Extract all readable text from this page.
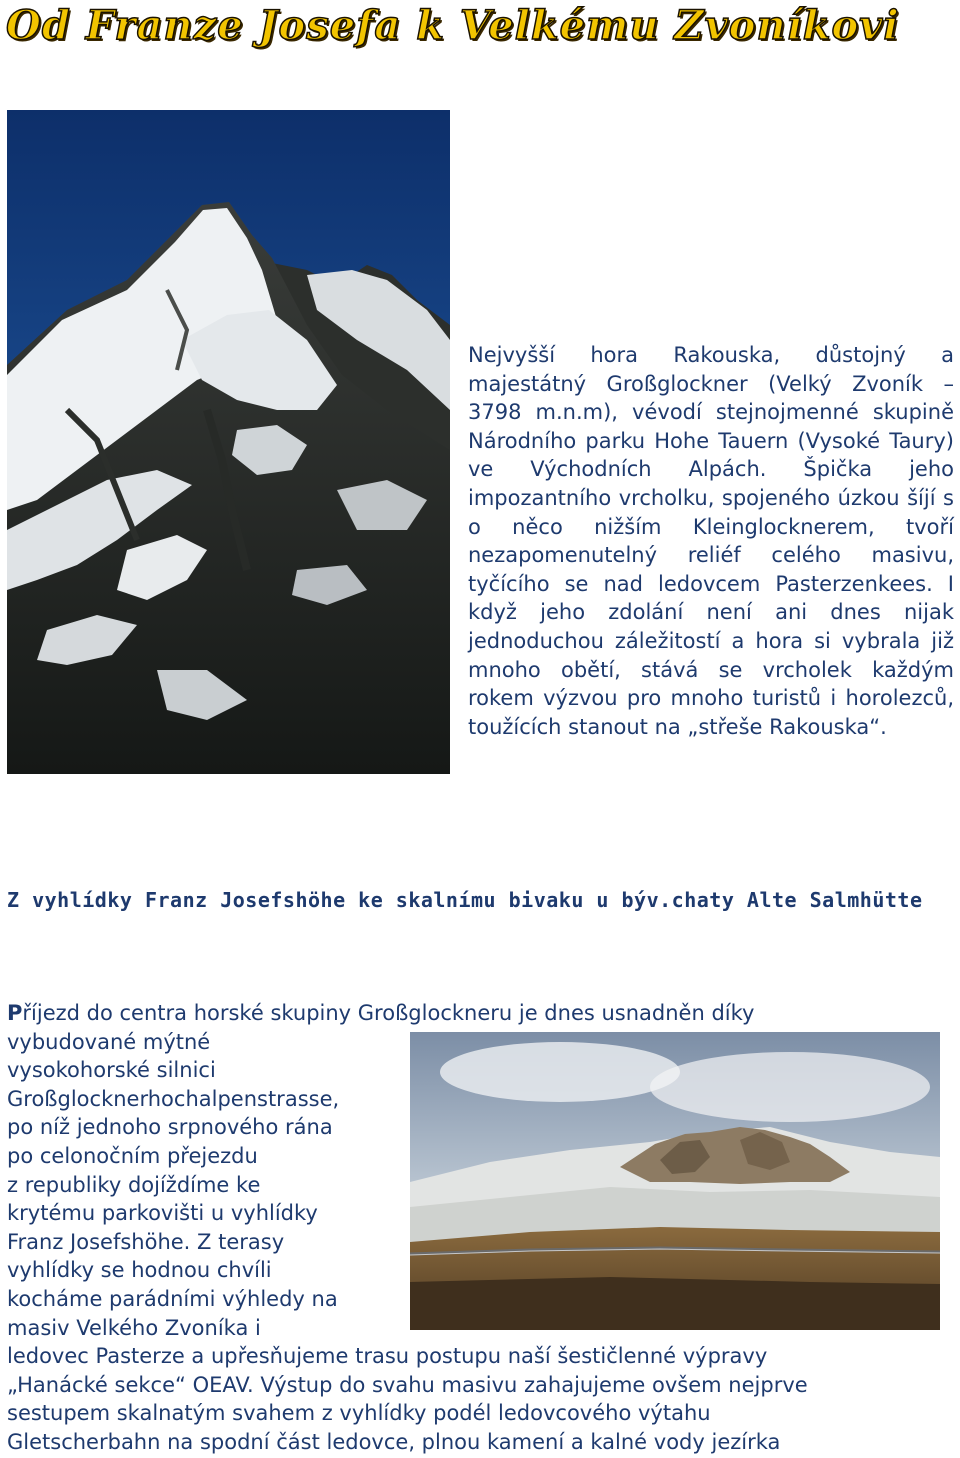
Od Franze Josefa k Velkému Zvoníkovi
Nejvyšší hora Rakouska, důstojný a majestátný Großglockner (Velký Zvoník – 3798 m.n.m), vévodí stejnojmenné skupině Národního parku Hohe Tauern (Vysoké Taury) ve Východních Alpách. Špička jeho impozantního vrcholku, spojeného úzkou šíjí s o něco nižším Kleinglocknerem, tvoří nezapomenutelný reliéf celého masivu, tyčícího se nad ledovcem Pasterzenkees. I když jeho zdolání není ani dnes nijak jednoduchou záležitostí a hora si vybrala již mnoho obětí, stává se vrcholek každým rokem výzvou pro mnoho turistů i horolezců, toužících stanout na „střeše Rakouska“.
Z vyhlídky Franz Josefshöhe ke skalnímu bivaku u býv.chaty Alte Salmhütte
Příjezd do centra horské skupiny Großglockneru je dnes usnadněn díky
vybudované mýtné
vysokohorské silnici
Großglocknerhochalpenstrasse,
po níž jednoho srpnového rána
po celonočním přejezdu
z republiky dojíždíme ke
krytému parkovišti u vyhlídky
Franz Josefshöhe. Z terasy
vyhlídky se hodnou chvíli
kocháme parádními výhledy na
masiv Velkého Zvoníka i
ledovec Pasterze a upřesňujeme trasu postupu naší šestičlenné výpravy
„Hanácké sekce“ OEAV. Výstup do svahu masivu zahajujeme ovšem nejprve
sestupem skalnatým svahem z vyhlídky podél ledovcového výtahu
Gletscherbahn na spodní část ledovce, plnou kamení a kalné vody jezírka
